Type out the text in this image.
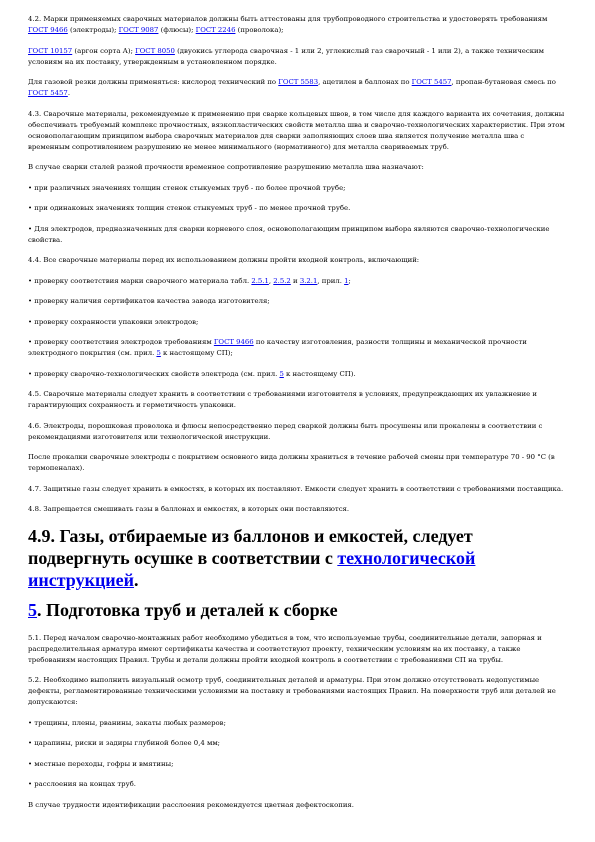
4.2. Марки применяемых сварочных материалов должны быть аттестованы для трубопроводного строительства и удостоверять требованиям ГОСТ 9466 (электроды); ГОСТ 9087 (флюсы); ГОСТ 2246 (проволока);

ГОСТ 10157 (аргон сорта А); ГОСТ 8050 (двуокись углерода сварочная - 1 или 2, углекислый газ сварочный - 1 или 2), а также техническим условиям на их поставку, утвержденным в установленном порядке.

Для газовой резки должны применяться: кислород технический по ГОСТ 5583, ацетилен в баллонах по ГОСТ 5457, пропан-бутановая смесь по ГОСТ 5457.

4.3. Сварочные материалы, рекомендуемые к применению при сварке кольцевых швов, в том числе для каждого варианта их сочетания, должны обеспечивать требуемый комплекс прочностных, вязкопластических свойств металла шва и сварочно-технологических характеристик. При этом основополагающим принципом выбора сварочных материалов для сварки заполняющих слоев шва является получение металла шва с временным сопротивлением разрушению не менее минимального (нормативного) для металла свариваемых труб.

В случае сварки сталей разной прочности временное сопротивление разрушению металла шва назначают:

• при различных значениях толщин стенок стыкуемых труб - по более прочной трубе;

• при одинаковых значениях толщин стенок стыкуемых труб - по менее прочной трубе.

• Для электродов, предназначенных для сварки корневого слоя, основополагающим принципом выбора являются сварочно-технологические свойства.

4.4. Все сварочные материалы перед их использованием должны пройти входной контроль, включающий:

• проверку соответствия марки сварочного материала табл. 2.5.1, 2.5.2 и 3.2.1, прил. 1;

• проверку наличия сертификатов качества завода изготовителя;

• проверку сохранности упаковки электродов;

• проверку соответствия электродов требованиям ГОСТ 9466 по качеству изготовления, разности толщины и механической прочности электродного покрытия (см. прил. 5 к настоящему СП);

• проверку сварочно-технологических свойств электрода (см. прил. 5 к настоящему СП).

4.5. Сварочные материалы следует хранить в соответствии с требованиями изготовителя в условиях, предупреждающих их увлажнение и гарантирующих сохранность и герметичность упаковки.

4.6. Электроды, порошковая проволока и флюсы непосредственно перед сваркой должны быть просушены или прокалены в соответствии с рекомендациями изготовителя или технологической инструкции.

После прокалки сварочные электроды с покрытием основного вида должны храниться в течение рабочей смены при температуре 70 - 90 °С (в термопеналах).

4.7. Защитные газы следует хранить в емкостях, в которых их поставляют. Емкости следует хранить в соответствии с требованиями поставщика.

4.8. Запрещается смешивать газы в баллонах и емкостях, в которых они поставляются.

4.9. Газы, отбираемые из баллонов и емкостей, следует подвергнуть осушке в соответствии с технологической инструкцией.
5. Подготовка труб и деталей к сборке

5.1. Перед началом сварочно-монтажных работ необходимо убедиться в том, что используемые трубы, соединительные детали, запорная и распределительная арматура имеют сертификаты качества и соответствуют проекту, техническим условиям на их поставку, а также требованиям настоящих Правил. Трубы и детали должны пройти входной контроль в соответствии с требованиями СП на трубы.

5.2. Необходимо выполнить визуальный осмотр труб, соединительных деталей и арматуры. При этом должно отсутствовать недопустимые дефекты, регламентированные техническими условиями на поставку и требованиями настоящих Правил. На поверхности труб или деталей не допускаются:

• трещины, плены, рванины, закаты любых размеров;

• царапины, риски и задиры глубиной более 0,4 мм;

• местные переходы, гофры и вмятины;

• расслоения на концах труб.

В случае трудности идентификации расслоения рекомендуется цветная дефектоскопия.
